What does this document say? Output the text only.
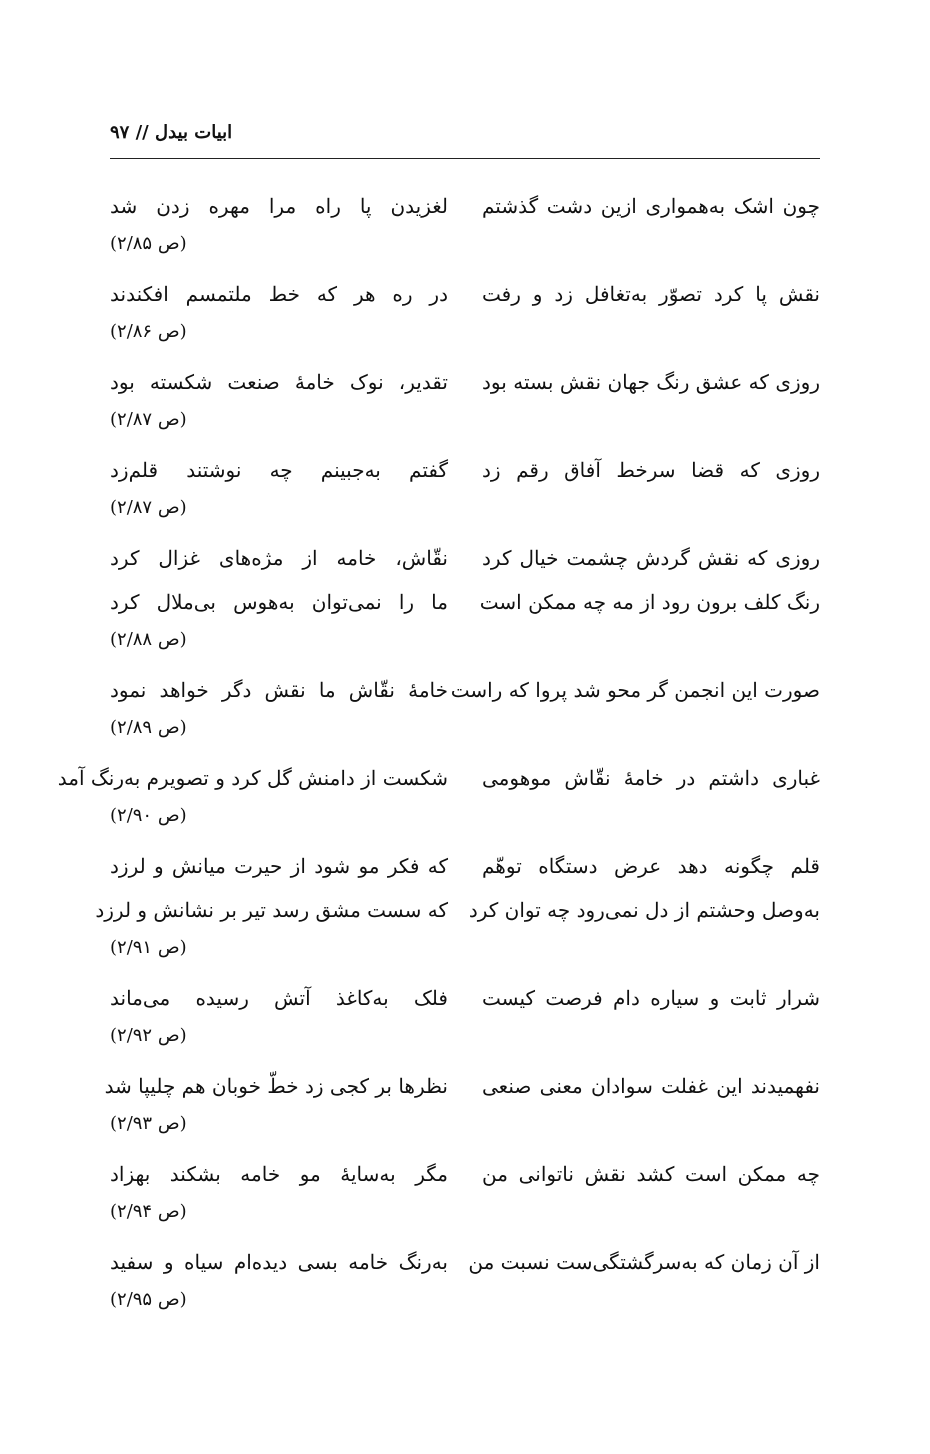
ابیات بیدل // ۹۷
چون اشک به‌همواری ازین دشت گذشتم
لغزیدن پا راه مرا مهره زدن شد
(ص ۲/۸۵)
نقش پا کرد تصوّر به‌تغافل زد و رفت
در ره هر که خط ملتمسم افکندند
(ص ۲/۸۶)
روزی که عشق رنگ جهان نقش بسته بود
تقدیر، نوک خامهٔ صنعت شکسته بود
(ص ۲/۸۷)
روزی که قضا سرخط آفاق رقم زد
گفتم به‌جبینم چه نوشتند قلم‌زد
(ص ۲/۸۷)
روزی که نقش گردش چشمت خیال کرد
نقّاش، خامه از مژه‌های غزال کرد
رنگ کلف برون رود از مه چه ممکن است
ما را نمی‌توان به‌هوس بی‌ملال کرد
(ص ۲/۸۸)
صورت این انجمن گر محو شد پروا که راست
خامهٔ نقّاش ما نقش دگر خواهد نمود
(ص ۲/۸۹)
غباری داشتم در خامهٔ نقّاش موهومی
شکست از دامنش گل کرد و تصویرم به‌رنگ آمد
(ص ۲/۹۰)
قلم چگونه دهد عرض دستگاه توهّم
که فکر مو شود از حیرت میانش و لرزد
به‌وصل وحشتم از دل نمی‌رود چه توان کرد
که سست مشق رسد تیر بر نشانش و لرزد
(ص ۲/۹۱)
شرار ثابت و سیاره دام فرصت کیست
فلک به‌کاغذ آتش رسیده می‌ماند
(ص ۲/۹۲)
نفهمیدند این غفلت سوادان معنی صنعی
نظرها بر کجی زد خطّ خوبان هم چلیپا شد
(ص ۲/۹۳)
چه ممکن است کشد نقش ناتوانی من
مگر به‌سایهٔ مو خامه بشکند بهزاد
(ص ۲/۹۴)
از آن زمان که به‌سرگشتگی‌ست نسبت من
به‌رنگ خامه بسی دیده‌ام سیاه و سفید
(ص ۲/۹۵)
